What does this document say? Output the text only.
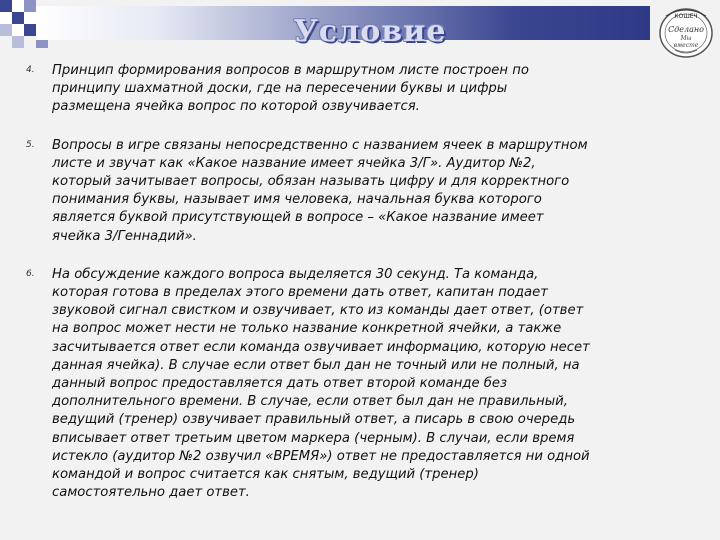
Условие	КОШЕЧ
Сделано
Мы
вместе
4. Принцип формирования вопросов в маршрутном листе построен по
принципу шахматной доски, где на пересечении буквы и цифры
размещена ячейка вопрос по которой озвучивается.
5. Вопросы в игре связаны непосредственно с названием ячеек в маршрутном
листе и звучат как «Какое название имеет ячейка 3/Г». Аудитор №2,
который зачитывает вопросы, обязан называть цифру и для корректного
понимания буквы, называет имя человека, начальная буква которого
является буквой присутствующей в вопросе – «Какое название имеет
ячейка 3/Геннадий».
6. На обсуждение каждого вопроса выделяется 30 секунд. Та команда,
которая готова в пределах этого времени дать ответ, капитан подает
звуковой сигнал свистком и озвучивает, кто из команды дает ответ, (ответ
на вопрос может нести не только название конкретной ячейки, а также
засчитывается ответ если команда озвучивает информацию, которую несет
данная ячейка). В случае если ответ был дан не точный или не полный, на
данный вопрос предоставляется дать ответ второй команде без
дополнительного времени. В случае, если ответ был дан не правильный,
ведущий (тренер) озвучивает правильный ответ, а писарь в свою очередь
вписывает ответ третьим цветом маркера (черным). В случаи, если время
истекло (аудитор №2 озвучил «ВРЕМЯ») ответ не предоставляется ни одной
командой и вопрос считается как снятым, ведущий (тренер)
самостоятельно дает ответ.
